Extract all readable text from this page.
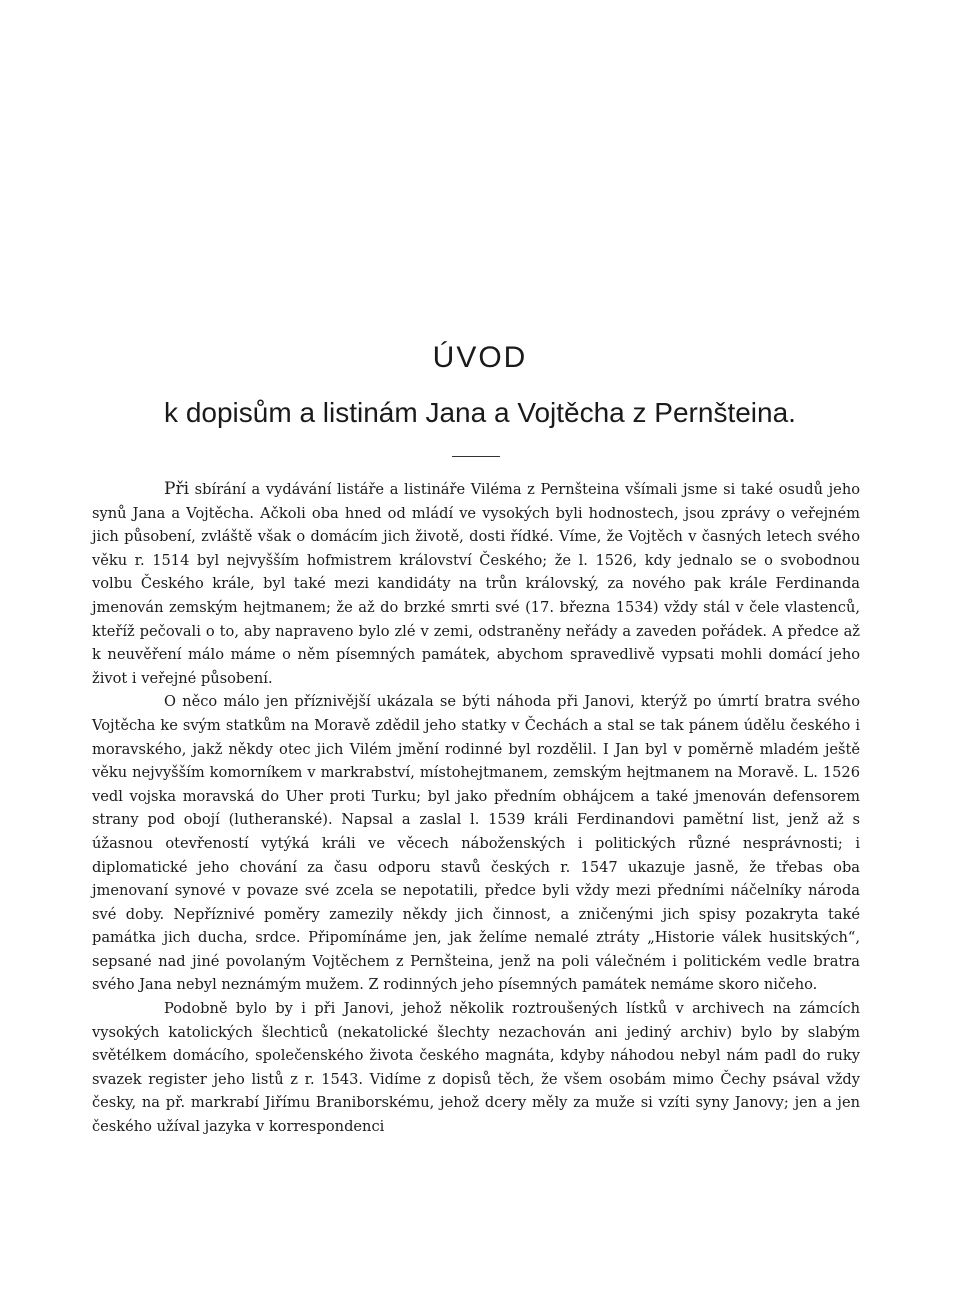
ÚVOD
k dopisům a listinám Jana a Vojtěcha z Pernšteina.

Při sbírání a vydávání listáře a listináře Viléma z Pernšteina všímali jsme si také osudů jeho synů Jana a Vojtěcha. Ačkoli oba hned od mládí ve vysokých byli hodnostech, jsou zprávy o veřejném jich působení, zvláště však o domácím jich životě, dosti řídké. Víme, že Vojtěch v časných letech svého věku r. 1514 byl nejvyšším hofmistrem království Českého; že l. 1526, kdy jednalo se o svobodnou volbu Českého krále, byl také mezi kandidáty na trůn královský, za nového pak krále Ferdinanda jmenován zemským hejtmanem; že až do brzké smrti své (17. března 1534) vždy stál v čele vlastenců, kteříž pečovali o to, aby napraveno bylo zlé v zemi, odstraněny neřády a zaveden pořádek. A předce až k neuvěření málo máme o něm písemných památek, abychom spravedlivě vypsati mohli domácí jeho život i veřejné působení.

O něco málo jen příznivější ukázala se býti náhoda při Janovi, kterýž po úmrtí bratra svého Vojtěcha ke svým statkům na Moravě zdědil jeho statky v Čechách a stal se tak pánem údělu českého i moravského, jakž někdy otec jich Vilém jmění rodinné byl rozdělil. I Jan byl v poměrně mladém ještě věku nejvyšším komorníkem v markrabství, místohejtmanem, zemským hejtmanem na Moravě. L. 1526 vedl vojska moravská do Uher proti Turku; byl jako předním obhájcem a také jmenován defensorem strany pod obojí (lutheranské). Napsal a zaslal l. 1539 králi Ferdinandovi pamětní list, jenž až s úžasnou otevřeností vytýká králi ve věcech náboženských i politických různé nesprávnosti; i diplomatické jeho chování za času odporu stavů českých r. 1547 ukazuje jasně, že třebas oba jmenovaní synové v povaze své zcela se nepotatili, předce byli vždy mezi předními náčelníky národa své doby. Nepříznivé poměry zamezily někdy jich činnost, a zničenými jich spisy pozakryta také památka jich ducha, srdce. Připomínáme jen, jak želíme nemalé ztráty „Historie válek husitských“, sepsané nad jiné povolaným Vojtěchem z Pernšteina, jenž na poli válečném i politickém vedle bratra svého Jana nebyl neznámým mužem. Z rodinných jeho písemných památek nemáme skoro ničeho.

Podobně bylo by i při Janovi, jehož několik roztroušených lístků v archivech na zámcích vysokých katolických šlechticů (nekatolické šlechty nezachován ani jediný archiv) bylo by slabým světélkem domácího, společenského života českého magnáta, kdyby náhodou nebyl nám padl do ruky svazek register jeho listů z r. 1543. Vidíme z dopisů těch, že všem osobám mimo Čechy psával vždy česky, na př. markrabí Jiřímu Braniborskému, jehož dcery měly za muže si vzíti syny Janovy; jen a jen českého užíval jazyka v korrespondenci
